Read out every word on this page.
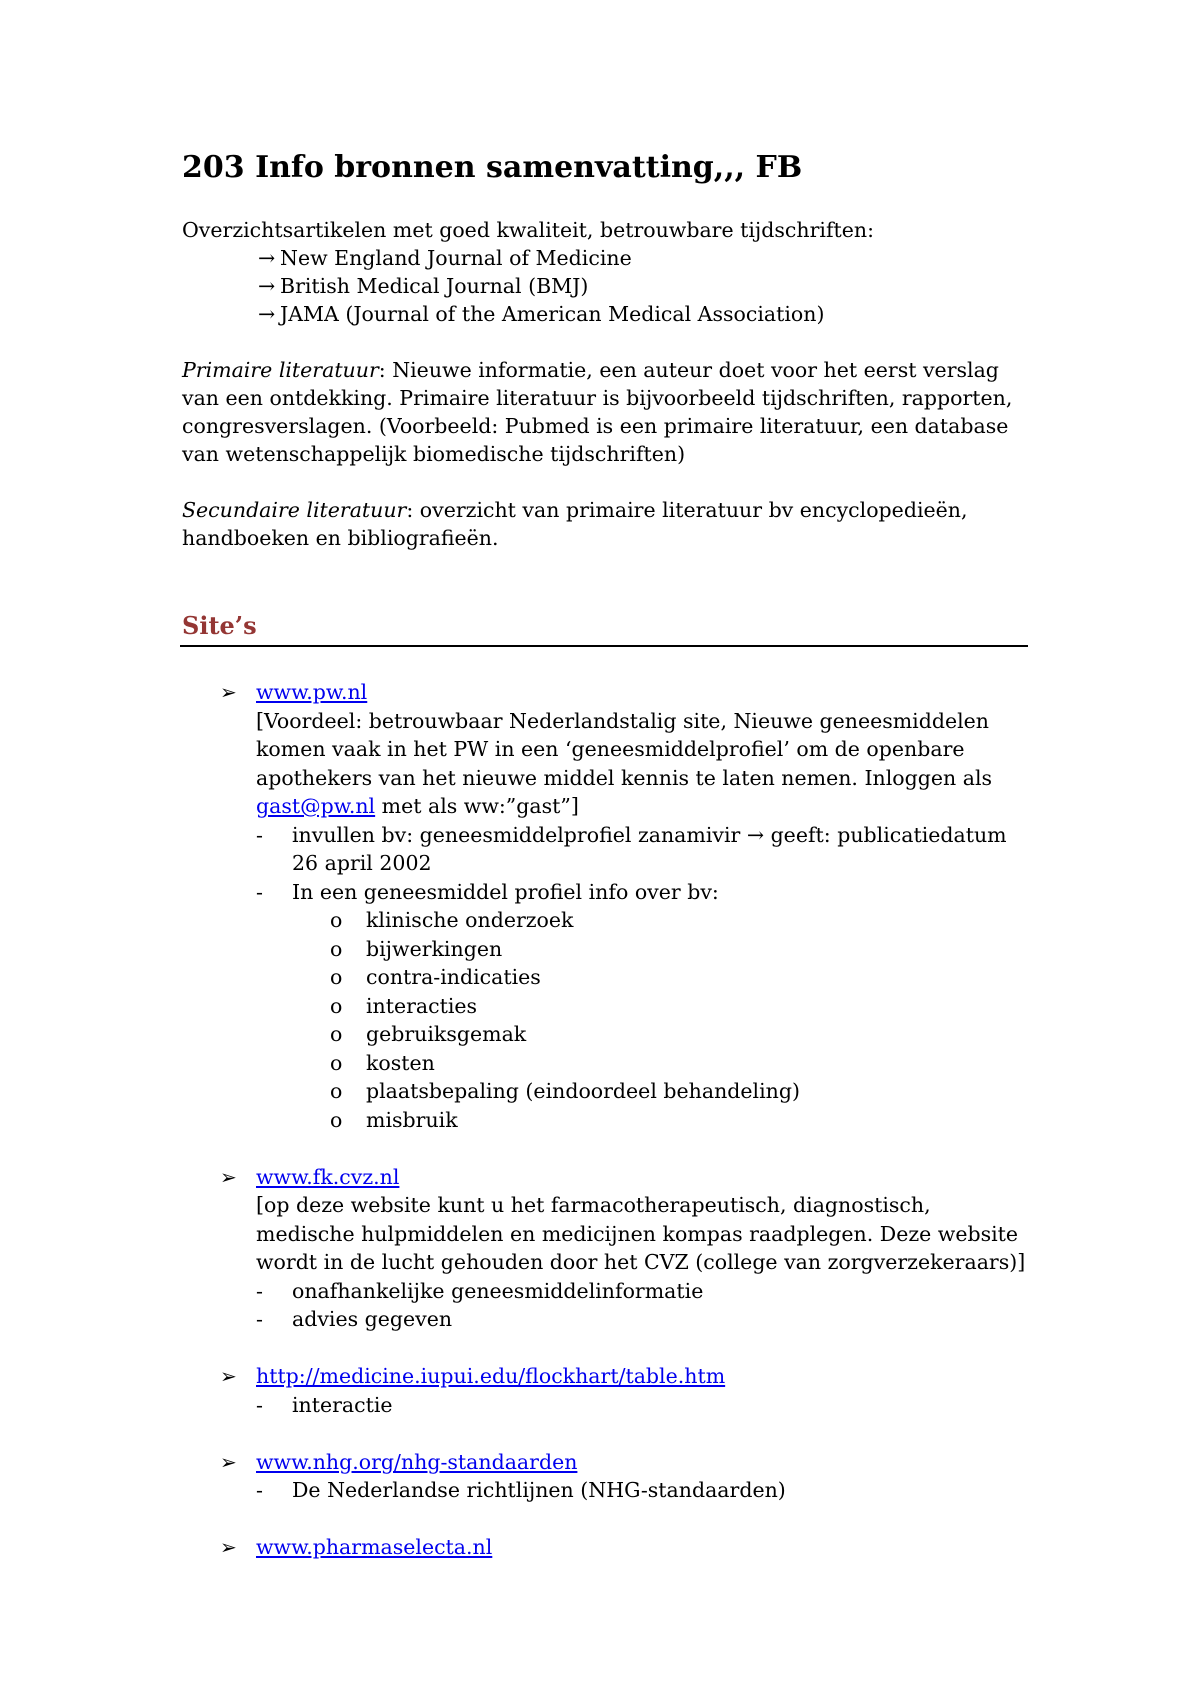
203 Info bronnen samenvatting,,, FB
Overzichtsartikelen met goed kwaliteit, betrouwbare tijdschriften:
→ New England Journal of Medicine
→ British Medical Journal (BMJ)
→ JAMA (Journal of the American Medical Association)
Primaire literatuur: Nieuwe informatie, een auteur doet voor het eerst verslag
van een ontdekking. Primaire literatuur is bijvoorbeeld tijdschriften, rapporten,
congresverslagen. (Voorbeeld: Pubmed is een primaire literatuur, een database
van wetenschappelijk biomedische tijdschriften)
Secundaire literatuur: overzicht van primaire literatuur bv encyclopedieën,
handboeken en bibliografieën.
Site’s
➢ www.pw.nl
[Voordeel: betrouwbaar Nederlandstalig site, Nieuwe geneesmiddelen
komen vaak in het PW in een ‘geneesmiddelprofiel’ om de openbare
apothekers van het nieuwe middel kennis te laten nemen. Inloggen als
gast@pw.nl met als ww:”gast”]
- invullen bv: geneesmiddelprofiel zanamivir → geeft: publicatiedatum
26 april 2002
- In een geneesmiddel profiel info over bv:
o klinische onderzoek
o bijwerkingen
o contra-indicaties
o interacties
o gebruiksgemak
o kosten
o plaatsbepaling (eindoordeel behandeling)
o misbruik
➢ www.fk.cvz.nl
[op deze website kunt u het farmacotherapeutisch, diagnostisch,
medische hulpmiddelen en medicijnen kompas raadplegen. Deze website
wordt in de lucht gehouden door het CVZ (college van zorgverzekeraars)]
- onafhankelijke geneesmiddelinformatie
- advies gegeven
➢ http://medicine.iupui.edu/flockhart/table.htm
- interactie
➢ www.nhg.org/nhg-standaarden
- De Nederlandse richtlijnen (NHG-standaarden)
➢ www.pharmaselecta.nl
